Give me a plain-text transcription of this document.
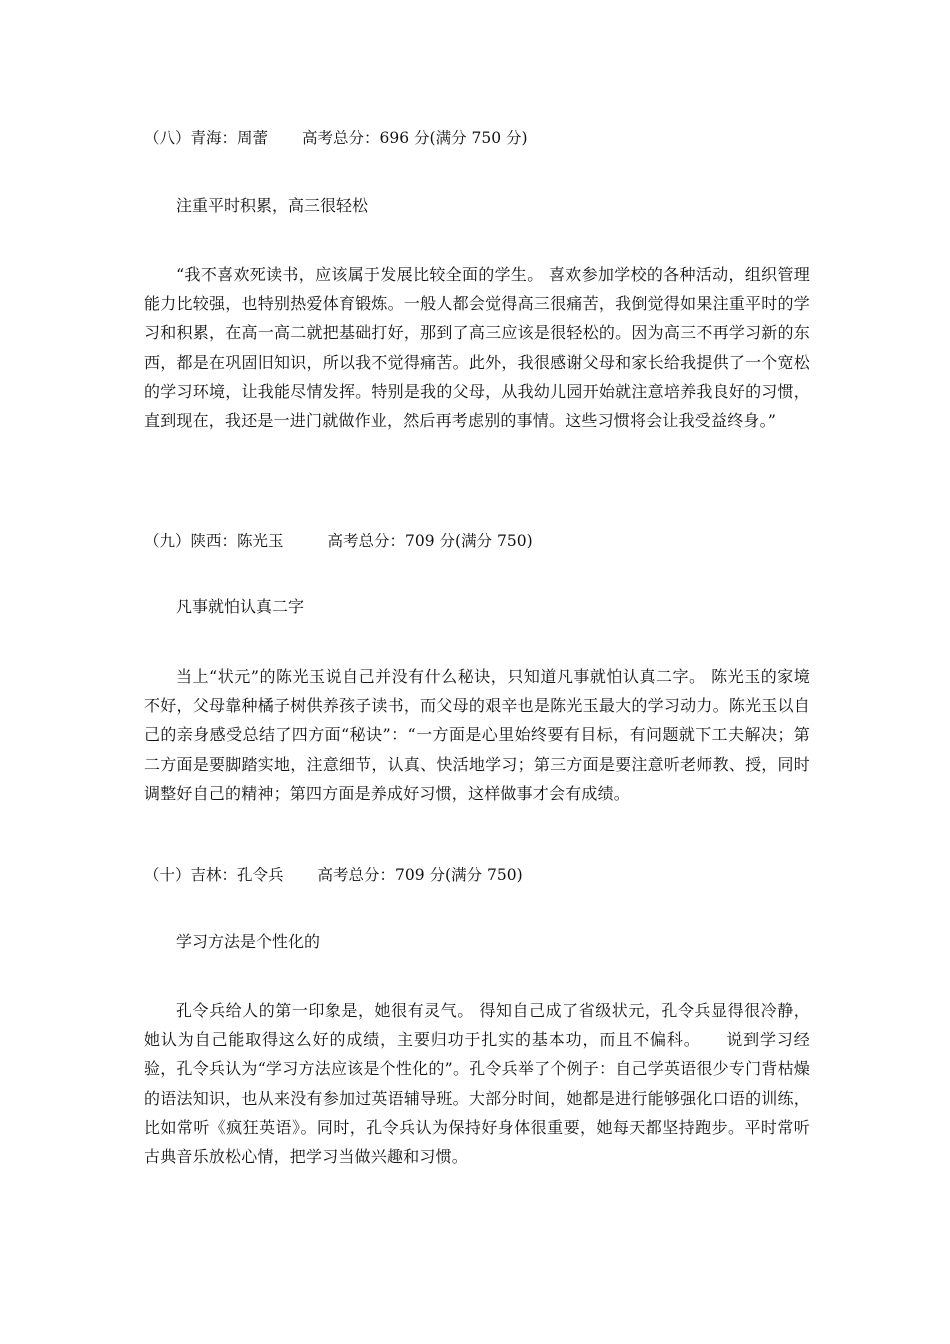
（八）青海：周蕾 高考总分：696 分(满分 750 分)
注重平时积累，高三很轻松
“我不喜欢死读书，应该属于发展比较全面的学生。 喜欢参加学校的各种活动，组织管理能力比较强，也特别热爱体育锻炼。一般人都会觉得高三很痛苦，我倒觉得如果注重平时的学习和积累，在高一高二就把基础打好，那到了高三应该是很轻松的。因为高三不再学习新的东西，都是在巩固旧知识，所以我不觉得痛苦。此外，我很感谢父母和家长给我提供了一个宽松的学习环境，让我能尽情发挥。特别是我的父母，从我幼儿园开始就注意培养我良好的习惯，直到现在，我还是一进门就做作业，然后再考虑别的事情。这些习惯将会让我受益终身。”
（九）陕西：陈光玉	高考总分：709 分(满分 750)
凡事就怕认真二字
当上“状元”的陈光玉说自己并没有什么秘诀，只知道凡事就怕认真二字。 陈光玉的家境不好，父母靠种橘子树供养孩子读书，而父母的艰辛也是陈光玉最大的学习动力。陈光玉以自己的亲身感受总结了四方面“秘诀”：“一方面是心里始终要有目标，有问题就下工夫解决；第二方面是要脚踏实地，注意细节，认真、快活地学习；第三方面是要注意听老师教、授，同时调整好自己的精神；第四方面是养成好习惯，这样做事才会有成绩。
（十）吉林：孔令兵 高考总分：709 分(满分 750)
学习方法是个性化的
孔令兵给人的第一印象是，她很有灵气。 得知自己成了省级状元，孔令兵显得很冷静，她认为自己能取得这么好的成绩，主要归功于扎实的基本功，而且不偏科。　　说到学习经验，孔令兵认为“学习方法应该是个性化的”。孔令兵举了个例子：自己学英语很少专门背枯燥的语法知识，也从来没有参加过英语辅导班。大部分时间，她都是进行能够强化口语的训练，比如常听《疯狂英语》。同时，孔令兵认为保持好身体很重要，她每天都坚持跑步。平时常听古典音乐放松心情，把学习当做兴趣和习惯。
